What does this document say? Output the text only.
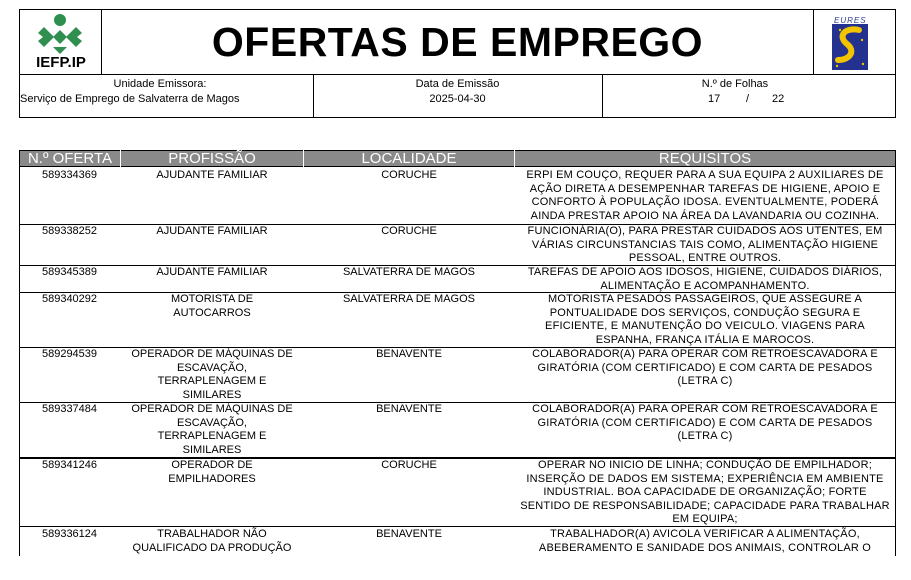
IEFP.IP	OFERTAS DE EMPREGO	EURES
Unidade Emissora:
Serviço de Emprego de Salvaterra de Magos
Data de Emissão
2025-04-30
N.º de Folhas
17 / 22
N.º OFERTA	PROFISSÃO	LOCALIDADE	REQUISITOS
589334369	AJUDANTE FAMILIAR	CORUCHE	ERPI EM COUÇO, REQUER PARA A SUA EQUIPA 2 AUXILIARES DE
AÇÃO DIRETA A DESEMPENHAR TAREFAS DE HIGIENE, APOIO E
CONFORTO À POPULAÇÃO IDOSA. EVENTUALMENTE, PODERÁ
AINDA PRESTAR APOIO NA ÁREA DA LAVANDARIA OU COZINHA.
589338252	AJUDANTE FAMILIAR	CORUCHE	FUNCIONÁRIA(O), PARA PRESTAR CUIDADOS AOS UTENTES, EM
VÁRIAS CIRCUNSTANCIAS TAIS COMO, ALIMENTAÇÃO HIGIENE
PESSOAL, ENTRE OUTROS.
589345389	AJUDANTE FAMILIAR	SALVATERRA DE MAGOS	TAREFAS DE APOIO AOS IDOSOS, HIGIENE, CUIDADOS DIÁRIOS,
ALIMENTAÇÃO E ACOMPANHAMENTO.
589340292	MOTORISTA DE
AUTOCARROS
SALVATERRA DE MAGOS	MOTORISTA PESADOS PASSAGEIROS, QUE ASSEGURE A
PONTUALIDADE DOS SERVIÇOS, CONDUÇÃO SEGURA E
EFICIENTE, E MANUTENÇÃO DO VEICULO. VIAGENS PARA
ESPANHA, FRANÇA ITÁLIA E MAROCOS.
589294539	OPERADOR DE MÁQUINAS DE
ESCAVAÇÃO,
TERRAPLENAGEM E
SIMILARES
BENAVENTE	COLABORADOR(A) PARA OPERAR COM RETROESCAVADORA E
GIRATÓRIA (COM CERTIFICADO) E COM CARTA DE PESADOS
(LETRA C)
589337484	OPERADOR DE MÁQUINAS DE
ESCAVAÇÃO,
TERRAPLENAGEM E
SIMILARES
BENAVENTE	COLABORADOR(A) PARA OPERAR COM RETROESCAVADORA E
GIRATÓRIA (COM CERTIFICADO) E COM CARTA DE PESADOS
(LETRA C)
589341246	OPERADOR DE
EMPILHADORES
CORUCHE	OPERAR NO INICIO DE LINHA; CONDUÇÃO DE EMPILHADOR;
INSERÇÃO DE DADOS EM SISTEMA; EXPERIÊNCIA EM AMBIENTE
INDUSTRIAL. BOA CAPACIDADE DE ORGANIZAÇÃO; FORTE
SENTIDO DE RESPONSABILIDADE; CAPACIDADE PARA TRABALHAR
EM EQUIPA;
589336124	TRABALHADOR NÃO
QUALIFICADO DA PRODUÇÃO
BENAVENTE	TRABALHADOR(A) AVICOLA VERIFICAR A ALIMENTAÇÃO,
ABEBERAMENTO E SANIDADE DOS ANIMAIS, CONTROLAR O
